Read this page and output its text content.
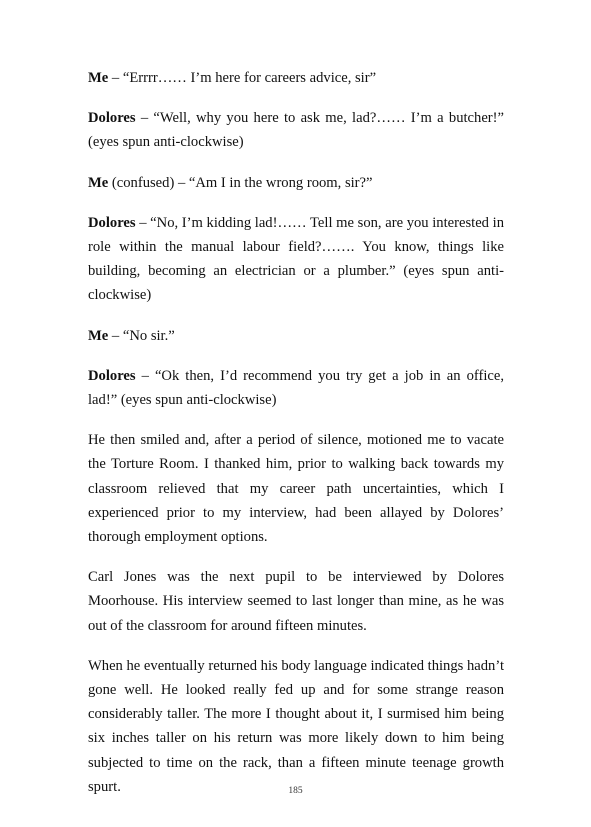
Me – “Errrr…… I’m here for careers advice, sir”

Dolores – “Well, why you here to ask me, lad?…… I’m a butcher!” (eyes spun anti-clockwise)

Me (confused) – “Am I in the wrong room, sir?”

Dolores – “No, I’m kidding lad!…… Tell me son, are you interested in role within the manual labour field?……. You know, things like building, becoming an electrician or a plumber.” (eyes spun anti-clockwise)

Me – “No sir.”

Dolores – “Ok then, I’d recommend you try get a job in an office, lad!” (eyes spun anti-clockwise)

He then smiled and, after a period of silence, motioned me to vacate the Torture Room. I thanked him, prior to walking back towards my classroom relieved that my career path uncertainties, which I experienced prior to my interview, had been allayed by Dolores’ thorough employment options.

Carl Jones was the next pupil to be interviewed by Dolores Moorhouse. His interview seemed to last longer than mine, as he was out of the classroom for around fifteen minutes.

When he eventually returned his body language indicated things hadn’t gone well. He looked really fed up and for some strange reason considerably taller. The more I thought about it, I surmised him being six inches taller on his return was more likely down to him being subjected to time on the rack, than a fifteen minute teenage growth spurt.	185
